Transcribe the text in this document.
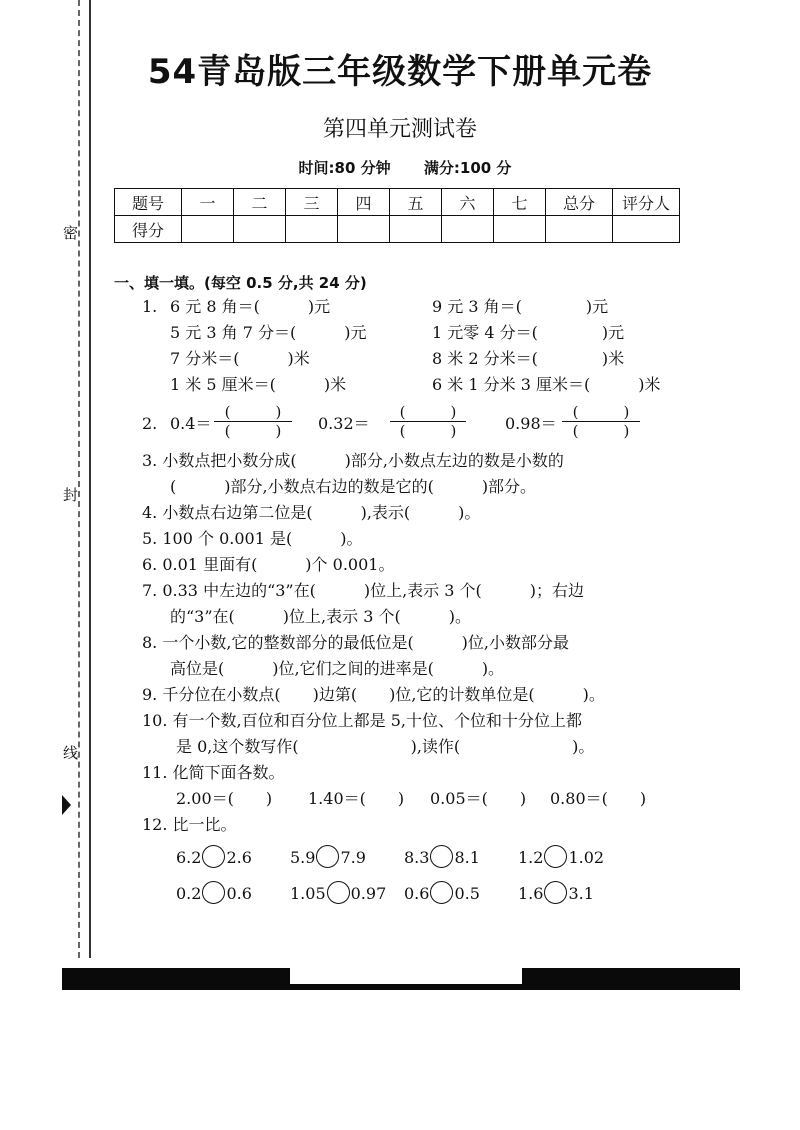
密
封
线
54青岛版三年级数学下册单元卷
第四单元测试卷
时间:80 分钟 满分:100 分
题号	一	二	三	四	五	六	七	总分	评分人
得分									
一、填一填。(每空 0.5 分,共 24 分)
1. 6 元 8 角＝(　　　)元	9 元 3 角＝(　　　　)元
5 元 3 角 7 分＝(　　　)元	1 元零 4 分＝(　　　　)元
7 分米＝(　　　)米	8 米 2 分米＝(　　　　)米
1 米 5 厘米＝(　　　)米	6 米 1 分米 3 厘米＝(　　　)米
2. 0.4＝
(　　　)
(　　　)	0.32＝
(　　　)
(　　　)	0.98＝
(　　　)
(　　　)
3. 小数点把小数分成(　　　)部分,小数点左边的数是小数的
(　　　)部分,小数点右边的数是它的(　　　)部分。
4. 小数点右边第二位是(　　　),表示(　　　)。
5. 100 个 0.001 是(　　　)。
6. 0.01 里面有(　　　)个 0.001。
7. 0.33 中左边的“3”在(　　　)位上,表示 3 个(　　　)；右边
的“3”在(　　　)位上,表示 3 个(　　　)。
8. 一个小数,它的整数部分的最低位是(　　　)位,小数部分最
高位是(　　　)位,它们之间的进率是(　　　)。
9. 千分位在小数点(　　)边第(　　)位,它的计数单位是(　　　)。
10. 有一个数,百位和百分位上都是 5,十位、个位和十分位上都
是 0,这个数写作(　　　　　　　),读作(　　　　　　　)。
11. 化简下面各数。
2.00＝(　　) 1.40＝(　　) 0.05＝(　　) 0.80＝(　　)
12. 比一比。
6.2 2.6 5.9 7.9 8.3 8.1 1.2 1.02
0.2 0.6 1.05 0.97 0.6 0.5 1.6 3.1
